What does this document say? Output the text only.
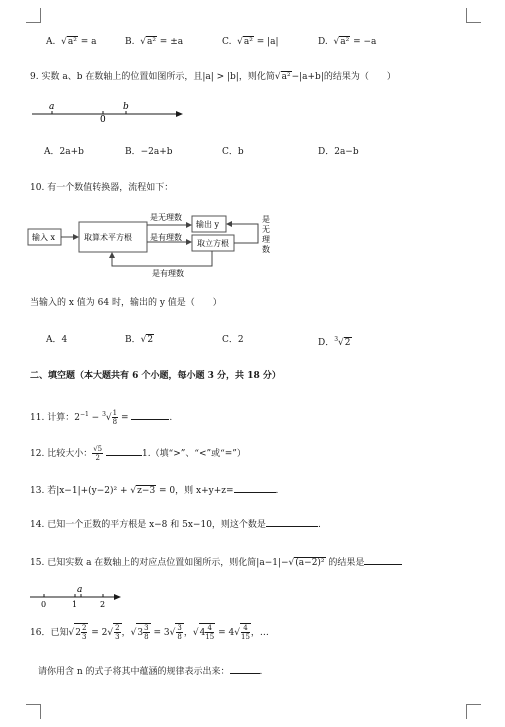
A.  √a² = a	B.  √a² = ±a	C.  √a² = |a|	D.  √a² = −a
9. 实数 a、b 在数轴上的位置如图所示，且|a| > |b|，则化简√a²−|a+b|的结果为（　　）
a
0
b
A．2a+b	B．−2a+b	C．b	D．2a−b
10. 有一个数值转换器，流程如下：
输入 x	取算术平方根
是无理数
是有理数
输出 y
取立方根
是
无
理
数
是有理数
当输入的 x 值为 64 时，输出的 y 值是（　　）
A．4	B．√2	C．2	D．$^3$√2
二、填空题（本大题共有 6 个小题，每小题 3 分，共 18 分）
11. 计算：$2^{-1} - ^3√ \frac{1}{8}$ =	.
12. 比较大小： $\frac{√5}{2}$	1.（填“>”、“<”或“=”）
13. 若|x−1|+(y−2)² + √z−3 = 0，则 x+y+z=	.
14. 已知一个正数的平方根是 x−8 和 5x−10，则这个数是	.
15. 已知实数 a 在数轴上的对应点位置如图所示，则化简|a−1|−√(a−2)² 的结果是
a
0	1	2
16．已知$√2 \frac{2}{3} = 2√ \frac{2}{3}$ ，$√3 \frac{3}{8} = 3√ \frac{3}{8}$ ，$√4 \frac{4}{15} = 4√ \frac{4}{15}$ ，…
请你用含 n 的式子将其中蕴涵的规律表示出来：	.
